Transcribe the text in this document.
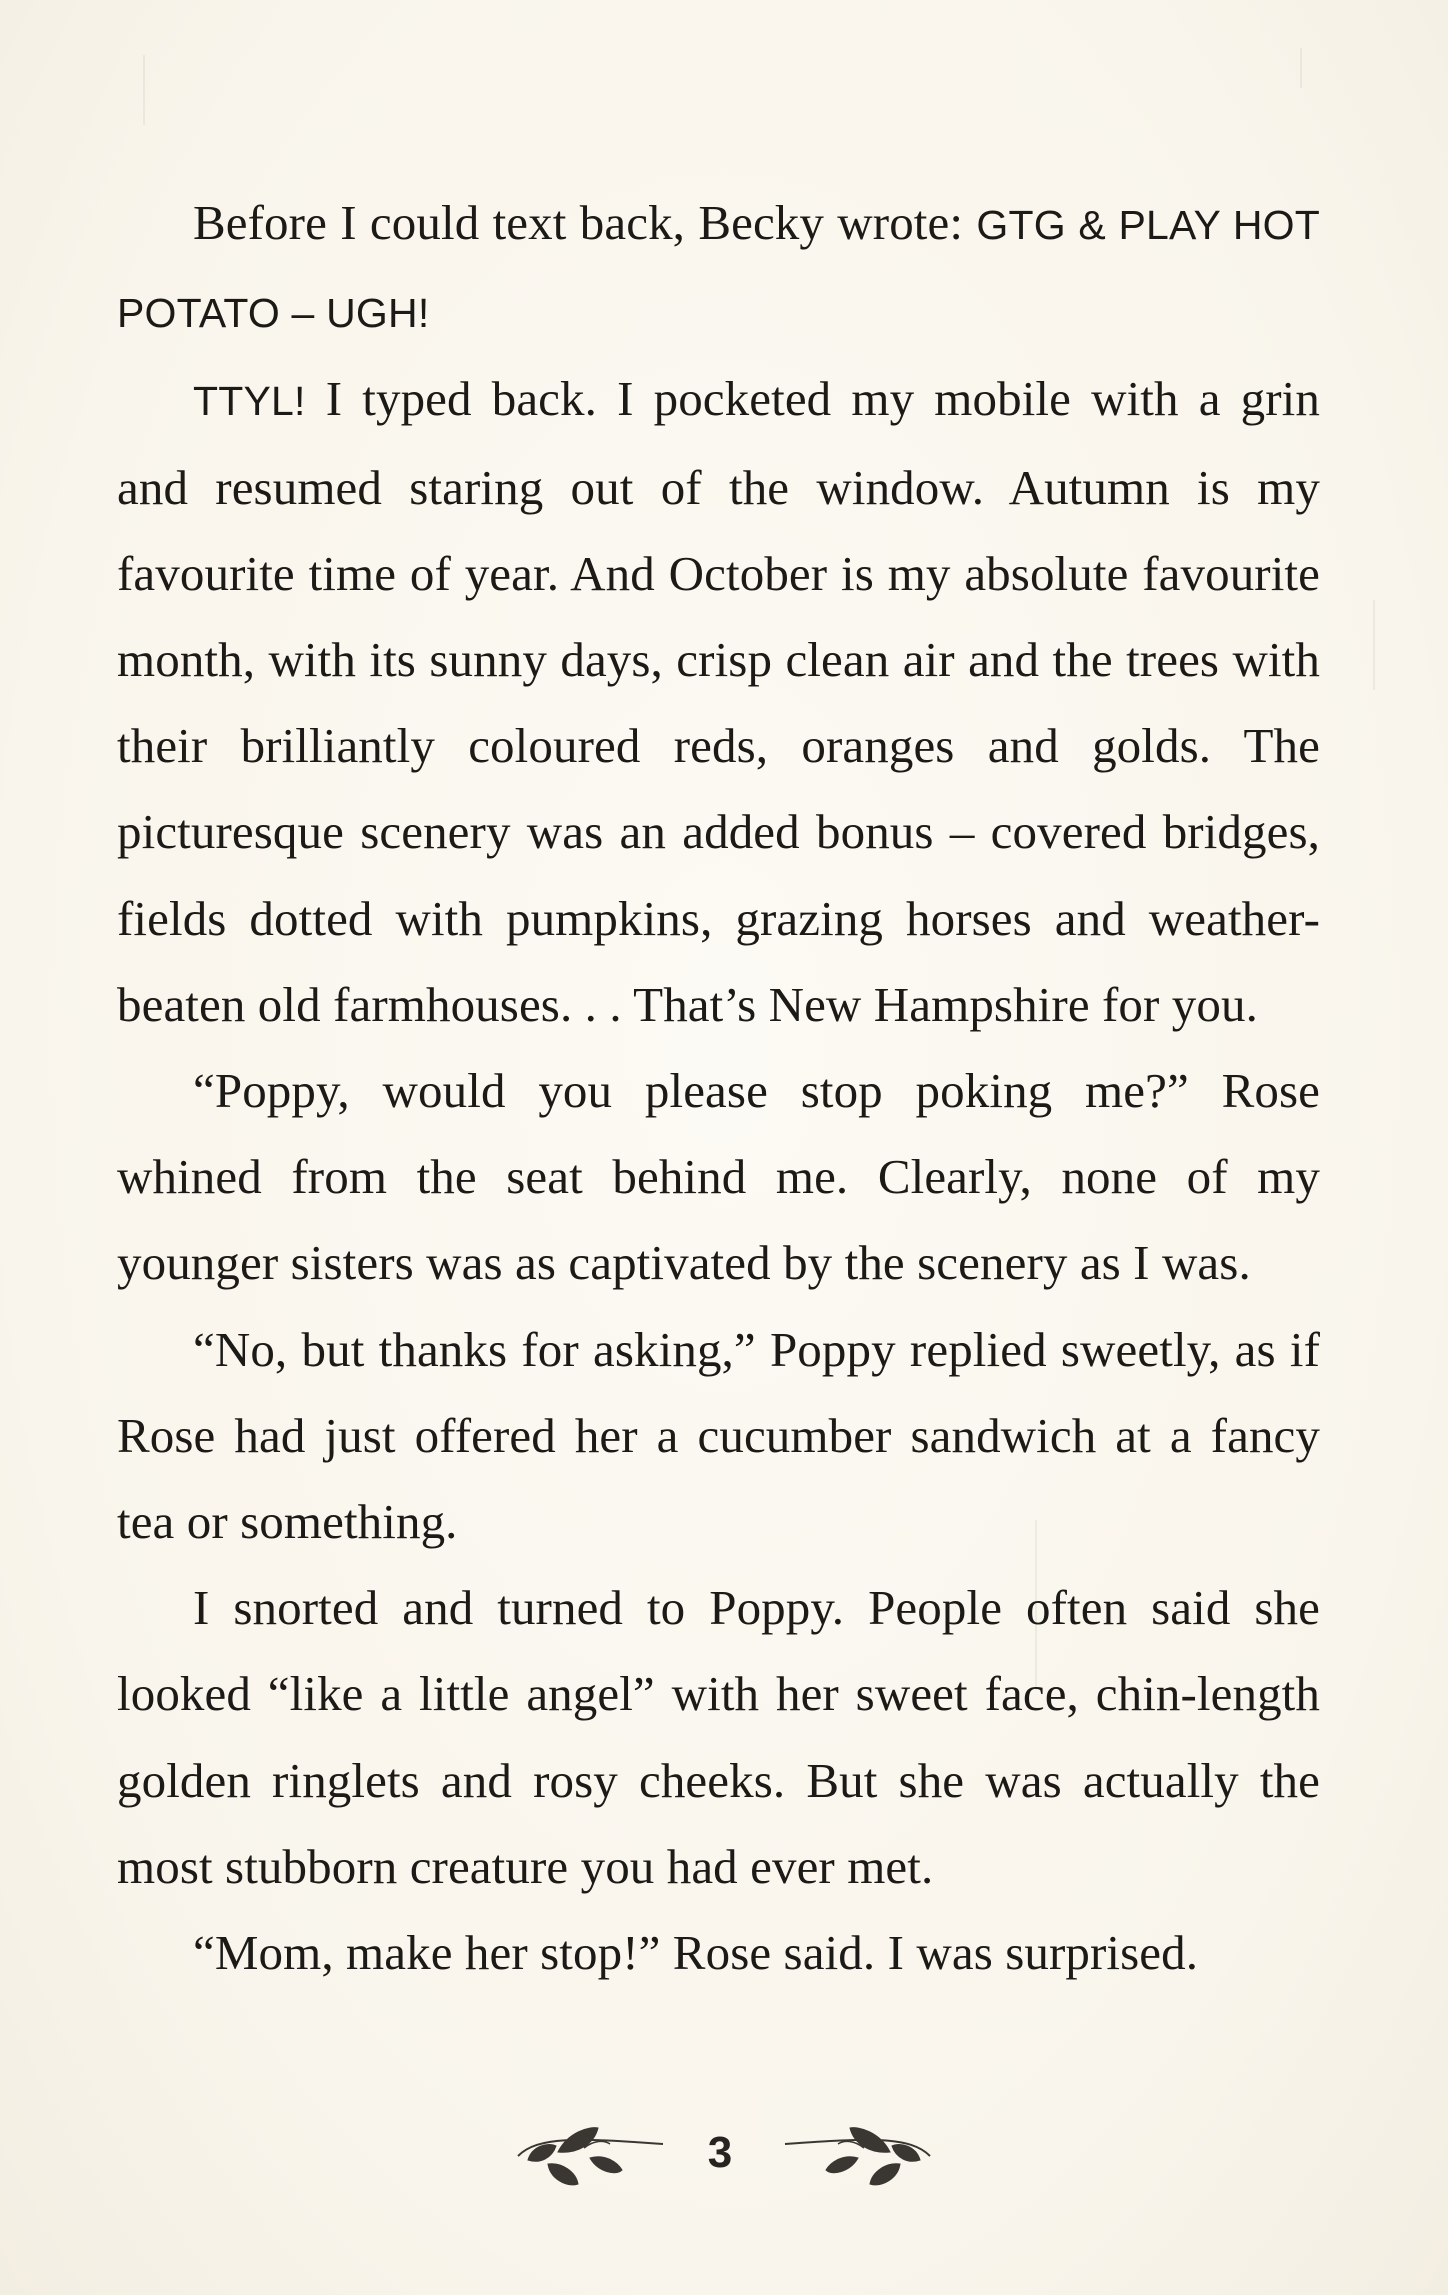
Before I could text back, Becky wrote: GTG & PLAY HOT POTATO – UGH!

TTYL! I typed back. I pocketed my mobile with a grin and resumed staring out of the window. Autumn is my favourite time of year. And October is my absolute favourite month, with its sunny days, crisp clean air and the trees with their brilliantly coloured reds, oranges and golds. The picturesque scenery was an added bonus – covered bridges, fields dotted with pumpkins, grazing horses and weather-beaten old farmhouses. . . That’s New Hampshire for you.

“Poppy, would you please stop poking me?” Rose whined from the seat behind me. Clearly, none of my younger sisters was as captivated by the scenery as I was.

“No, but thanks for asking,” Poppy replied sweetly, as if Rose had just offered her a cucumber sandwich at a fancy tea or something.

I snorted and turned to Poppy. People often said she looked “like a little angel” with her sweet face, chin-length golden ringlets and rosy cheeks. But she was actually the most stubborn creature you had ever met.

“Mom, make her stop!” Rose said. I was surprised.

3
